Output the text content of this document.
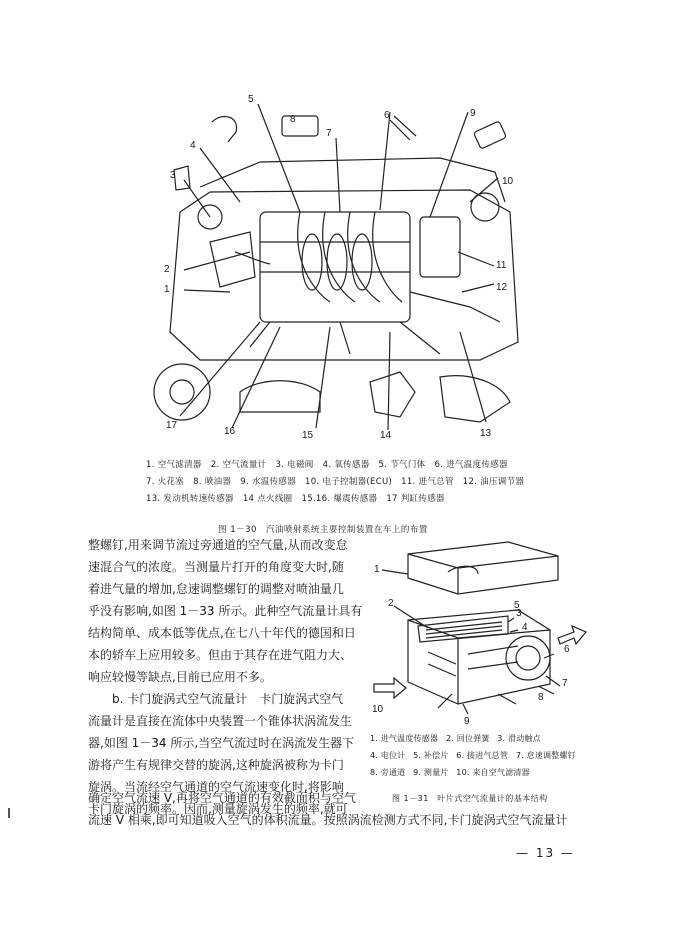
1
2
3
4
5
6
7
8
9
10
11
12
13
14
15
16
17
1. 空气滤清器 2. 空气流量计 3. 电磁阀 4. 氧传感器 5. 节气门体 6. 进气温度传感器 7. 火花塞 8. 喷油器 9. 水温传感器 10. 电子控制器(ECU) 11. 进气总管 12. 油压调节器 13. 发动机转速传感器 14 点火线圈 15.16. 爆震传感器 17 判缸传感器
图 1－30　汽油喷射系统主要控制装置在车上的布置

整螺钉,用来调节流过旁通道的空气量,从而改变怠

速混合气的浓度。当测量片打开的角度变大时,随

着进气量的增加,怠速调整螺钉的调整对喷油量几

乎没有影响,如图 1－33 所示。此种空气流量计具有

结构简单、成本低等优点,在七八十年代的德国和日

本的轿车上应用较多。但由于其存在进气阻力大、

响应较慢等缺点,目前已应用不多。

b. 卡门旋涡式空气流量计　卡门旋涡式空气

流量计是直接在流体中央装置一个锥体状涡流发生

器,如图 1－34 所示,当空气流过时在涡流发生器下

游将产生有规律交替的旋涡,这种旋涡被称为卡门

旋涡。当流经空气通道的空气流速变化时,将影响

卡门旋涡的频率。因而,测量旋涡发生的频率,就可

确定空气流速 V,再将空气通道的有效截面积与空气
流速 V 相乘,即可知道吸入空气的体积流量。按照涡流检测方式不同,卡门旋涡式空气流量计
1
2
3
4
5
6
7
8
9
10
1. 进气温度传感器 2. 回位弹簧 3. 滑动触点 4. 电位计 5. 补偿片 6. 接进气总管 7. 怠速调整螺钉 8. 旁通道 9. 测量片 10. 来自空气滤清器
图 1－31　叶片式空气流量计的基本结构
— 13 —
